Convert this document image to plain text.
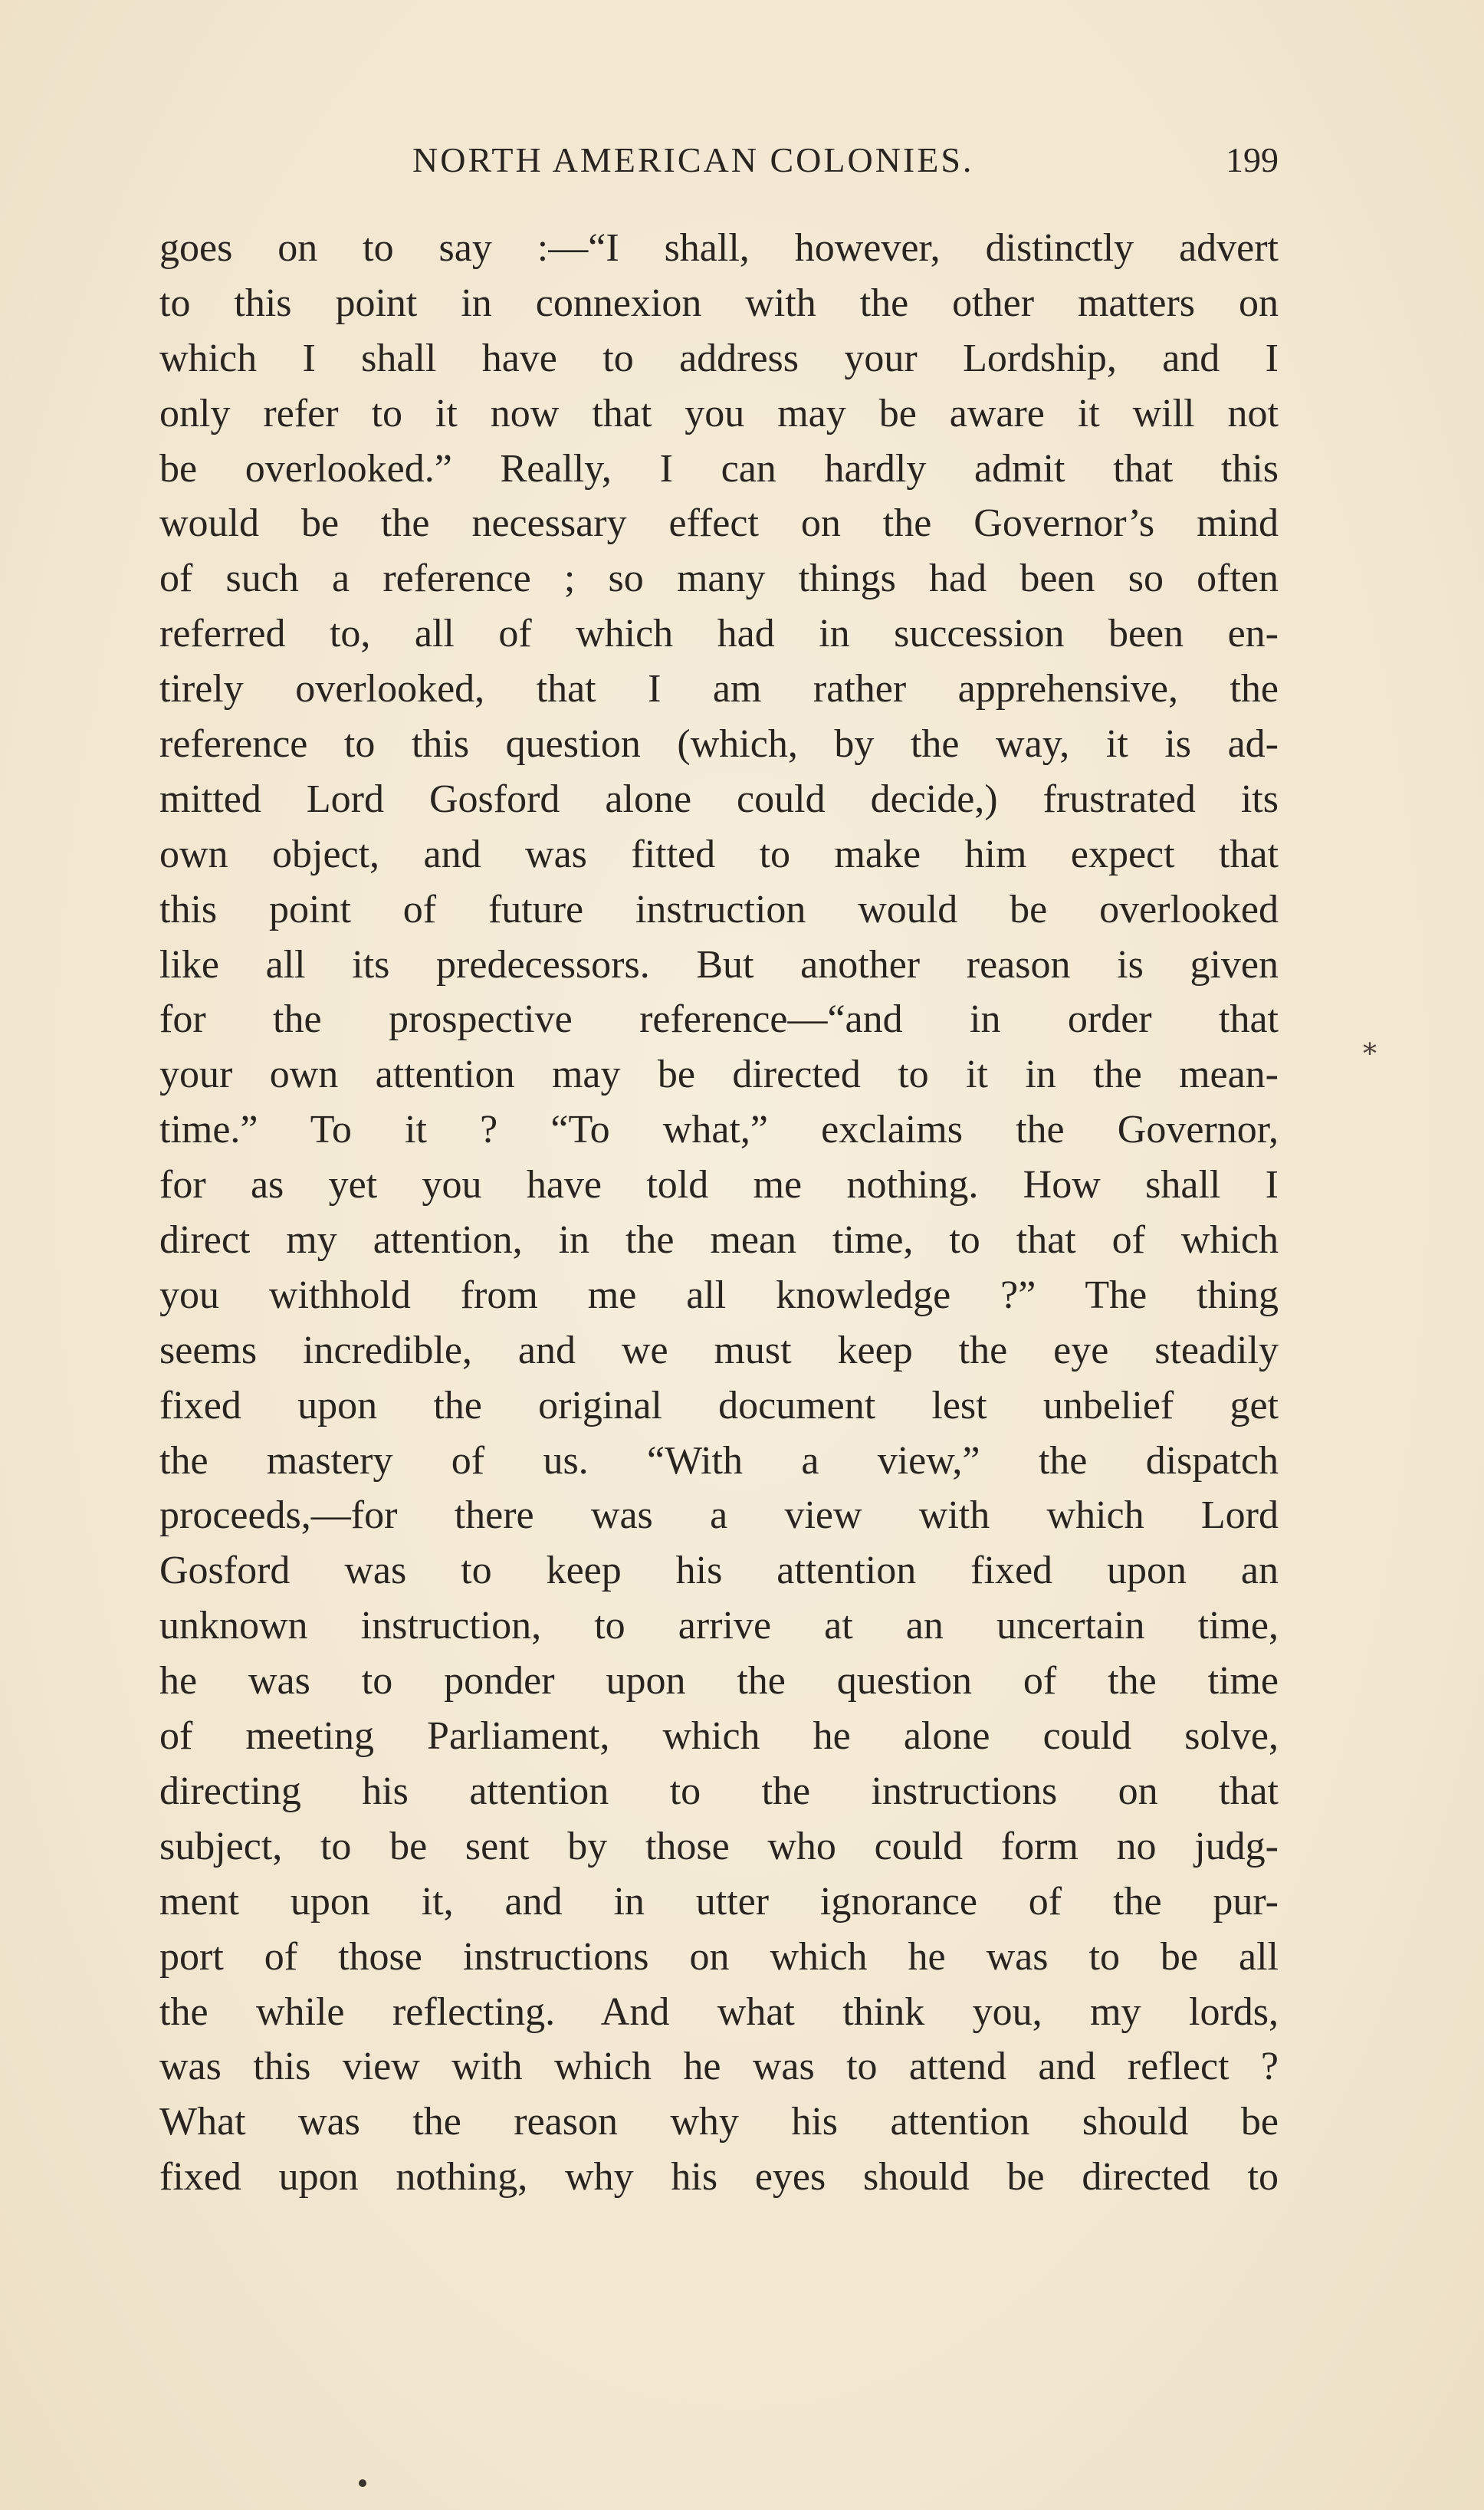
NORTH AMERICAN COLONIES.	199
goes on to say :—“I shall, however, distinctly advert
to this point in connexion with the other matters on
which I shall have to address your Lordship, and I
only refer to it now that you may be aware it will not
be overlooked.” Really, I can hardly admit that this
would be the necessary effect on the Governor’s mind
of such a reference ; so many things had been so often
referred to, all of which had in succession been en-
tirely overlooked, that I am rather apprehensive, the
reference to this question (which, by the way, it is ad-
mitted Lord Gosford alone could decide,) frustrated its
own object, and was fitted to make him expect that
this point of future instruction would be overlooked
like all its predecessors. But another reason is given
for the prospective reference—“and in order that
your own attention may be directed to it in the mean-
time.” To it ? “To what,” exclaims the Governor,
for as yet you have told me nothing. How shall I
direct my attention, in the mean time, to that of which
you withhold from me all knowledge ?” The thing
seems incredible, and we must keep the eye steadily
fixed upon the original document lest unbelief get
the mastery of us. “With a view,” the dispatch
proceeds,—for there was a view with which Lord
Gosford was to keep his attention fixed upon an
unknown instruction, to arrive at an uncertain time,
he was to ponder upon the question of the time
of meeting Parliament, which he alone could solve,
directing his attention to the instructions on that
subject, to be sent by those who could form no judg-
ment upon it, and in utter ignorance of the pur-
port of those instructions on which he was to be all
the while reflecting. And what think you, my lords,
was this view with which he was to attend and reflect ?
What was the reason why his attention should be
fixed upon nothing, why his eyes should be directed to
⁎
